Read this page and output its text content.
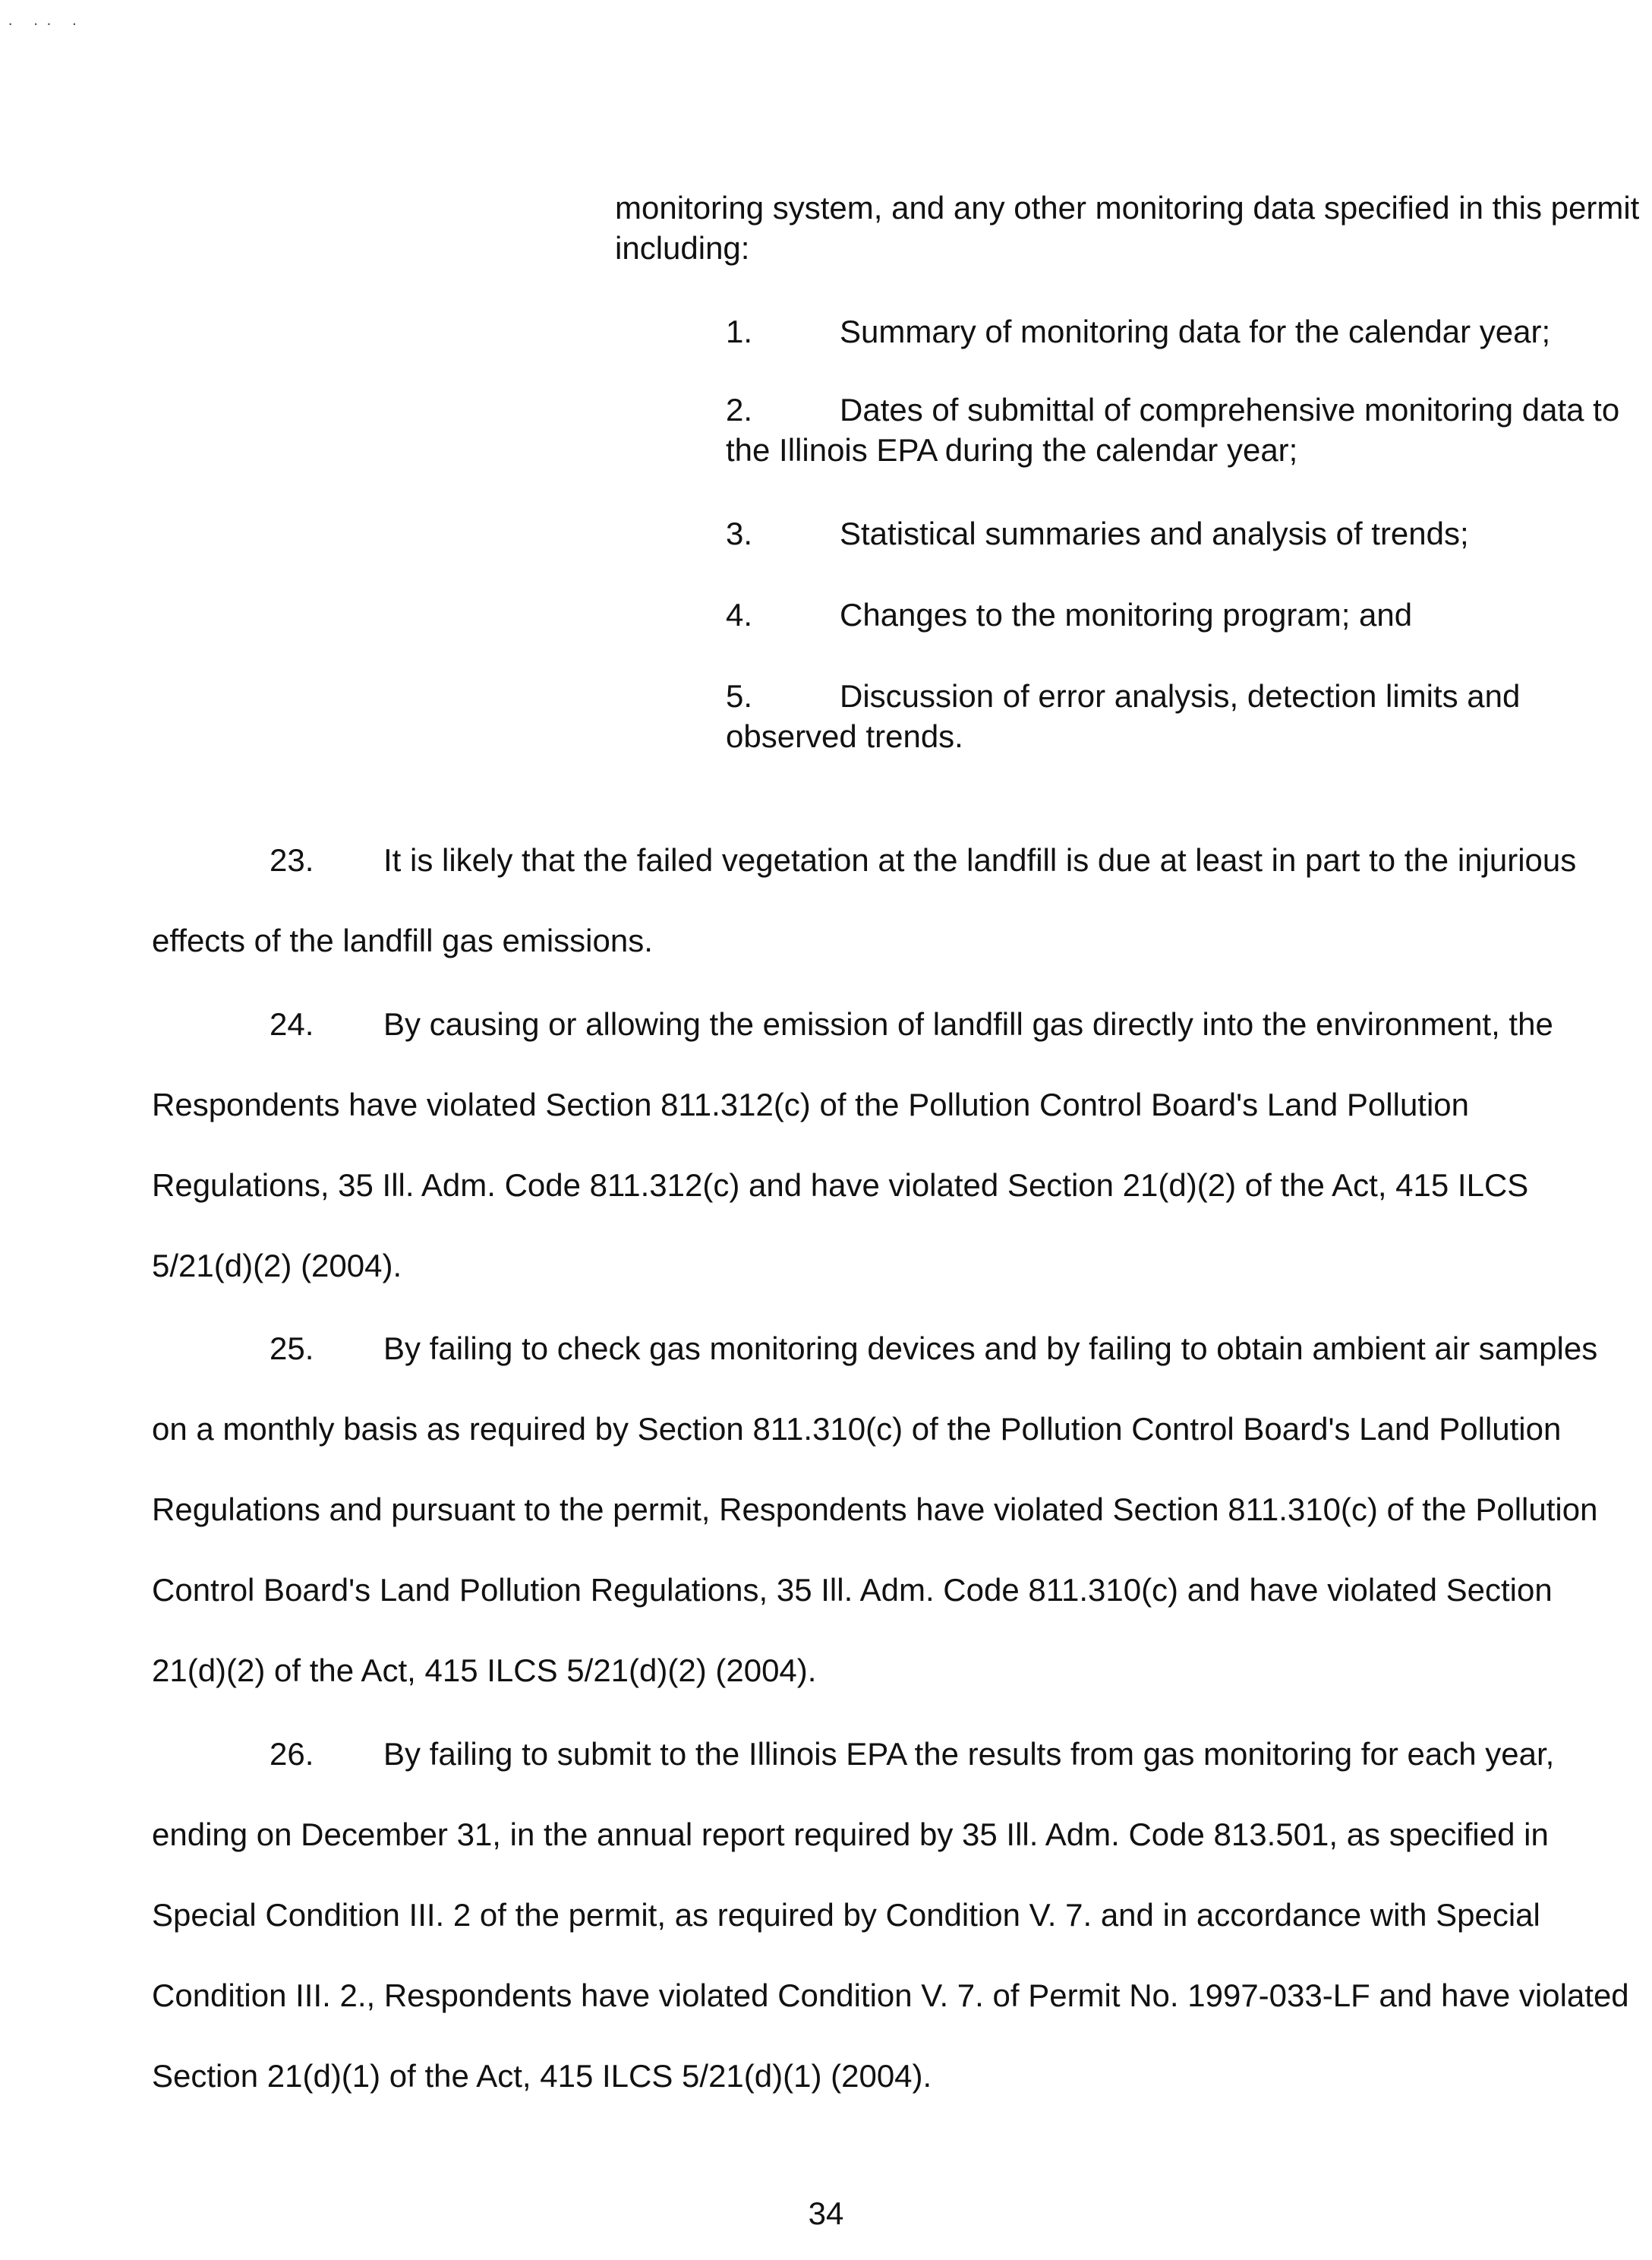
· ·· ·
monitoring system, and any other monitoring data specified in this permit including:
1.	Summary of monitoring data for the calendar year;
2.	Dates of submittal of comprehensive monitoring data to the Illinois EPA during the calendar year;
3.	Statistical summaries and analysis of trends;
4.	Changes to the monitoring program; and
5.	Discussion of error analysis, detection limits and observed trends.
23. It is likely that the failed vegetation at the landfill is due at least in part to the injurious effects of the landfill gas emissions.
24. By causing or allowing the emission of landfill gas directly into the environment, the Respondents have violated Section 811.312(c) of the Pollution Control Board's Land Pollution Regulations, 35 Ill. Adm. Code 811.312(c) and have violated Section 21(d)(2) of the Act, 415 ILCS 5/21(d)(2) (2004).
25. By failing to check gas monitoring devices and by failing to obtain ambient air samples on a monthly basis as required by Section 811.310(c) of the Pollution Control Board's Land Pollution Regulations and pursuant to the permit, Respondents have violated Section 811.310(c) of the Pollution Control Board's Land Pollution Regulations, 35 Ill. Adm. Code 811.310(c) and have violated Section 21(d)(2) of the Act, 415 ILCS 5/21(d)(2) (2004).
26. By failing to submit to the Illinois EPA the results from gas monitoring for each year, ending on December 31, in the annual report required by 35 Ill. Adm. Code 813.501, as specified in Special Condition III. 2 of the permit, as required by Condition V. 7. and in accordance with Special Condition III. 2., Respondents have violated Condition V. 7. of Permit No. 1997-033-LF and have violated Section 21(d)(1) of the Act, 415 ILCS 5/21(d)(1) (2004).
34
